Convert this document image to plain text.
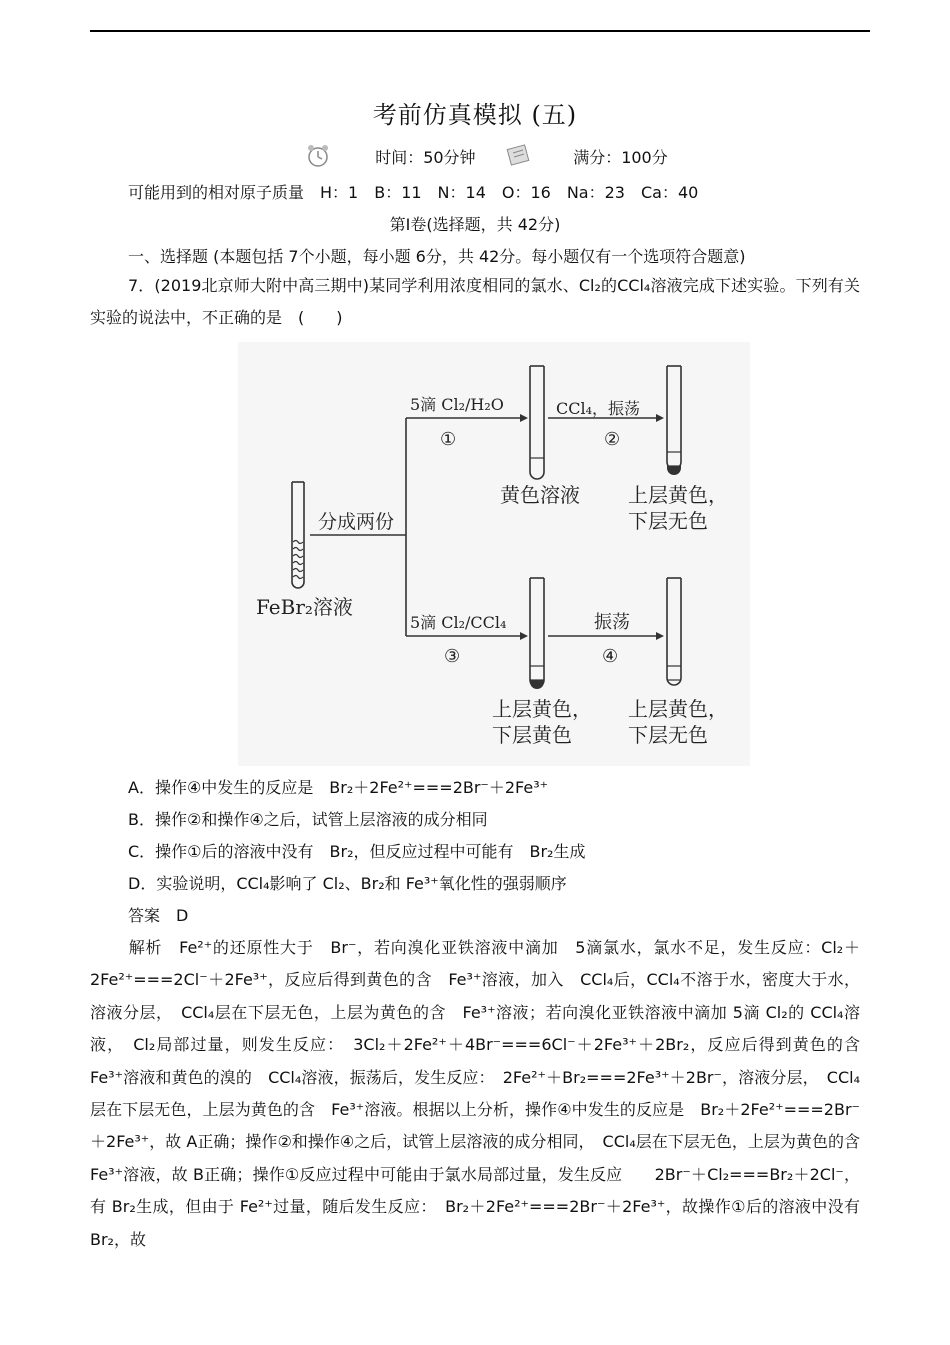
考前仿真模拟 (五)
时间：50分钟	满分：100分
可能用到的相对原子质量　H：1　B：11　N：14　O：16　Na：23　Ca：40
第Ⅰ卷(选择题，共 42分)
一、选择题 (本题包括 7个小题，每小题 6分，共 42分。每小题仅有一个选项符合题意)
7．(2019北京师大附中高三期中)某同学利用浓度相同的氯水、Cl₂的CCl₄溶液完成下述实验。下列有关实验的说法中，不正确的是　(　　)
FeBr₂溶液
分成两份
5滴 Cl₂/H₂O
①
黄色溶液
CCl₄，振荡
②
上层黄色，
下层无色
5滴 Cl₂/CCl₄
③
振荡
④
上层黄色，
下层黄色
上层黄色，
下层无色
A．操作④中发生的反应是　Br₂＋2Fe²⁺===2Br⁻＋2Fe³⁺
B．操作②和操作④之后，试管上层溶液的成分相同
C．操作①后的溶液中没有　Br₂，但反应过程中可能有　Br₂生成
D．实验说明，CCl₄影响了 Cl₂、Br₂和 Fe³⁺氧化性的强弱顺序
答案　D
解析　Fe²⁺的还原性大于　Br⁻，若向溴化亚铁溶液中滴加　5滴氯水，氯水不足，发生反应：Cl₂＋2Fe²⁺===2Cl⁻＋2Fe³⁺，反应后得到黄色的含　Fe³⁺溶液，加入　CCl₄后，CCl₄不溶于水，密度大于水，溶液分层，　CCl₄层在下层无色，上层为黄色的含　Fe³⁺溶液；若向溴化亚铁溶液中滴加 5滴 Cl₂的 CCl₄溶液，　Cl₂局部过量，则发生反应：　3Cl₂＋2Fe²⁺＋4Br⁻===6Cl⁻＋2Fe³⁺＋2Br₂，反应后得到黄色的含　Fe³⁺溶液和黄色的溴的　CCl₄溶液，振荡后，发生反应：　2Fe²⁺＋Br₂===2Fe³⁺＋2Br⁻，溶液分层，　CCl₄层在下层无色，上层为黄色的含　Fe³⁺溶液。根据以上分析，操作④中发生的反应是　Br₂＋2Fe²⁺===2Br⁻＋2Fe³⁺，故 A正确；操作②和操作④之后，试管上层溶液的成分相同，　CCl₄层在下层无色，上层为黄色的含　Fe³⁺溶液，故 B正确；操作①反应过程中可能由于氯水局部过量，发生反应　　2Br⁻＋Cl₂===Br₂＋2Cl⁻，有 Br₂生成，但由于 Fe²⁺过量，随后发生反应：　Br₂＋2Fe²⁺===2Br⁻＋2Fe³⁺，故操作①后的溶液中没有　Br₂，故
